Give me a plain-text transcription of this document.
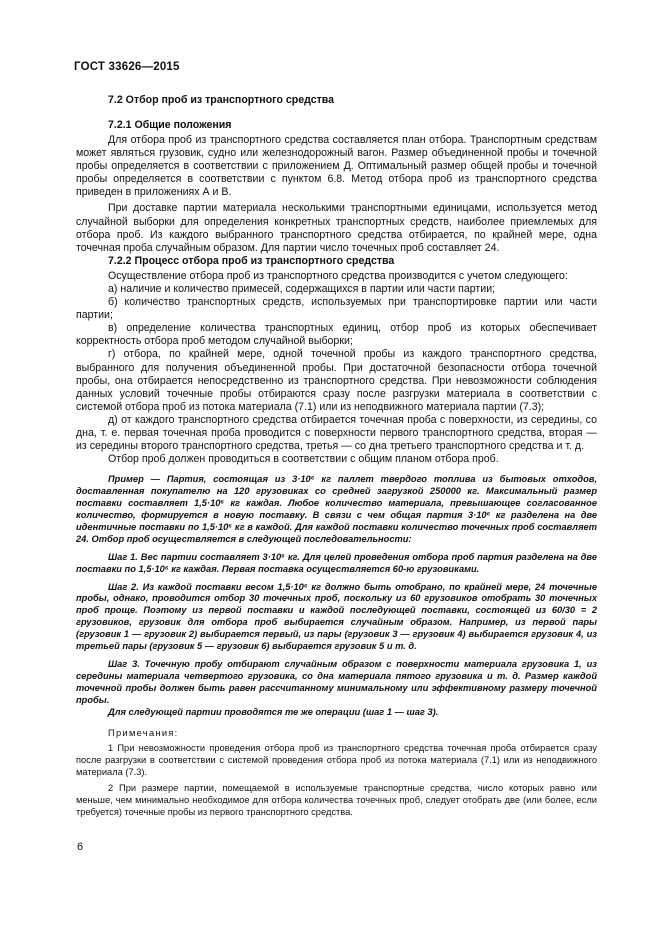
ГОСТ 33626—2015
7.2 Отбор проб из транспортного средства
7.2.1 Общие положения

Для отбора проб из транспортного средства составляется план отбора. Транспортным средствам может являться грузовик, судно или железнодорожный вагон. Размер объединенной пробы и точечной пробы определяется в соответствии с приложением Д. Оптимальный размер общей пробы и точечной пробы определяется в соответствии с пунктом 6.8. Метод отбора проб из транспортного средства приведен в приложениях А и В.

При доставке партии материала несколькими транспортными единицами, используется метод случайной выборки для определения конкретных транспортных средств, наиболее приемлемых для отбора проб. Из каждого выбранного транспортного средства отбирается, по крайней мере, одна точечная проба случайным образом. Для партии число точечных проб составляет 24.

7.2.2 Процесс отбора проб из транспортного средства

Осуществление отбора проб из транспортного средства производится с учетом следующего:

а) наличие и количество примесей, содержащихся в партии или части партии;

б) количество транспортных средств, используемых при транспортировке партии или части партии;

в) определение количества транспортных единиц, отбор проб из которых обеспечивает корректность отбора проб методом случайной выборки;

г) отбора, по крайней мере, одной точечной пробы из каждого транспортного средства, выбранного для получения объединенной пробы. При достаточной безопасности отбора точечной пробы, она отбирается непосредственно из транспортного средства. При невозможности соблюдения данных условий точечные пробы отбираются сразу после разгрузки материала в соответствии с системой отбора проб из потока материала (7.1) или из неподвижного материала партии (7.3);

д) от каждого транспортного средства отбирается точечная проба с поверхности, из середины, со дна, т. е. первая точечная проба проводится с поверхности первого транспортного средства, вторая — из середины второго транспортного средства, третья — со дна третьего транспортного средства и т. д.

Отбор проб должен проводиться в соответствии с общим планом отбора проб.

Пример — Партия, состоящая из 3·10⁶ кг паллет твердого топлива из бытовых отходов, доставленная покупателю на 120 грузовиках со средней загрузкой 250000 кг. Максимальный размер поставки составляет 1,5·10⁶ кг каждая. Любое количество материала, превышающее согласованное количество, формируется в новую поставку. В связи с чем общая партия 3·10⁶ кг разделена на две идентичные поставки по 1,5·10⁶ кг в каждой. Для каждой поставки количество точечных проб составляет 24. Отбор проб осуществляется в следующей последовательности:

Шаг 1. Вес партии составляет 3·10⁶ кг. Для целей проведения отбора проб партия разделена на две поставки по 1,5·10⁶ кг каждая. Первая поставка осуществляется 60-ю грузовиками.

Шаг 2. Из каждой поставки весом 1,5·10⁶ кг должно быть отобрано, по крайней мере, 24 точечные пробы, однако, проводится отбор 30 точечных проб, поскольку из 60 грузовиков отобрать 30 точечных проб проще. Поэтому из первой поставки и каждой последующей поставки, состоящей из 60/30 = 2 грузовиков, грузовик для отбора проб выбирается случайным образом. Например, из первой пары (грузовик 1 — грузовик 2) выбирается первый, из пары (грузовик 3 — грузовик 4) выбирается грузовик 4, из третьей пары (грузовик 5 — грузовик 6) выбирается грузовик 5 и т. д.

Шаг 3. Точечную пробу отбирают случайным образом с поверхности материала грузовика 1, из середины материала четвертого грузовика, со дна материала пятого грузовика и т. д. Размер каждой точечной пробы должен быть равен рассчитанному минимальному или эффективному размеру точечной пробы.

Для следующей партии проводятся те же операции (шаг 1 — шаг 3).

Примечания:

1 При невозможности проведения отбора проб из транспортного средства точечная проба отбирается сразу после разгрузки в соответствии с системой проведения отбора проб из потока материала (7.1) или из неподвижного материала (7.3).

2 При размере партии, помещаемой в используемые транспортные средства, число которых равно или меньше, чем минимально необходимое для отбора количества точечных проб, следует отобрать две (или более, если требуется) точечные пробы из первого транспортного средства.

6
